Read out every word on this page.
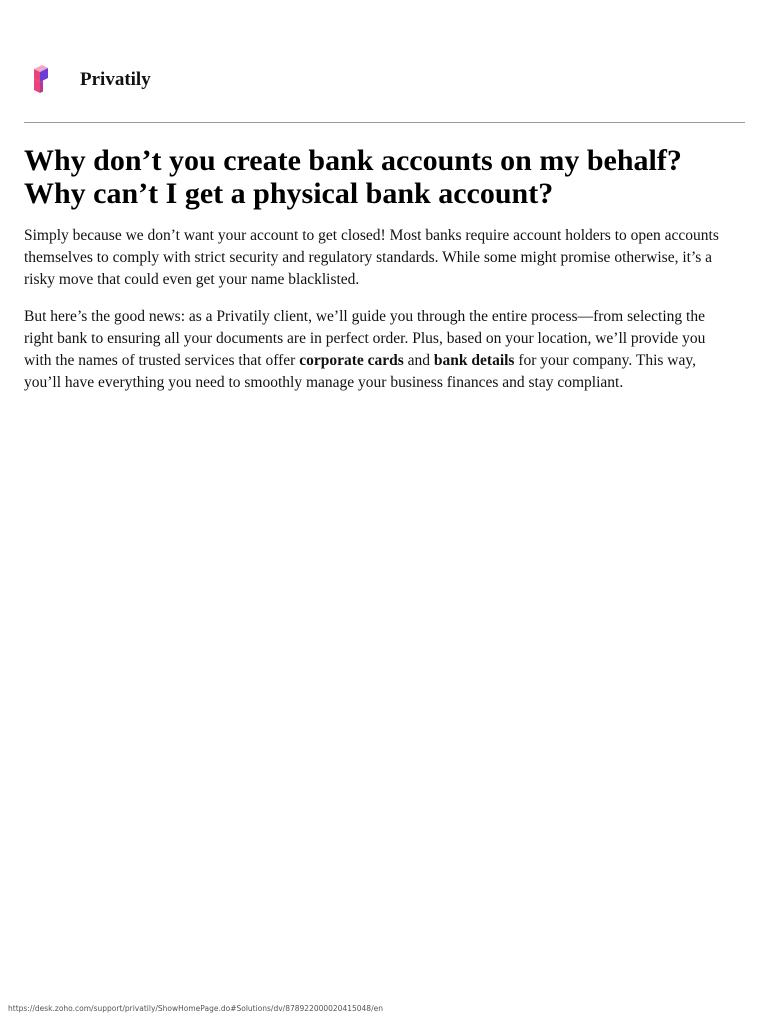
Privatily
Why don’t you create bank accounts on my behalf?
Why can’t I get a physical bank account?

Simply because we don’t want your account to get closed! Most banks require account holders to open accounts themselves to comply with strict security and regulatory standards. While some might promise otherwise, it’s a risky move that could even get your name blacklisted.

But here’s the good news: as a Privatily client, we’ll guide you through the entire process—from selecting the right bank to ensuring all your documents are in perfect order. Plus, based on your location, we’ll provide you with the names of trusted services that offer corporate cards and bank details for your company. This way, you’ll have everything you need to smoothly manage your business finances and stay compliant.

https://desk.zoho.com/support/privatily/ShowHomePage.do#Solutions/dv/878922000020415048/en
